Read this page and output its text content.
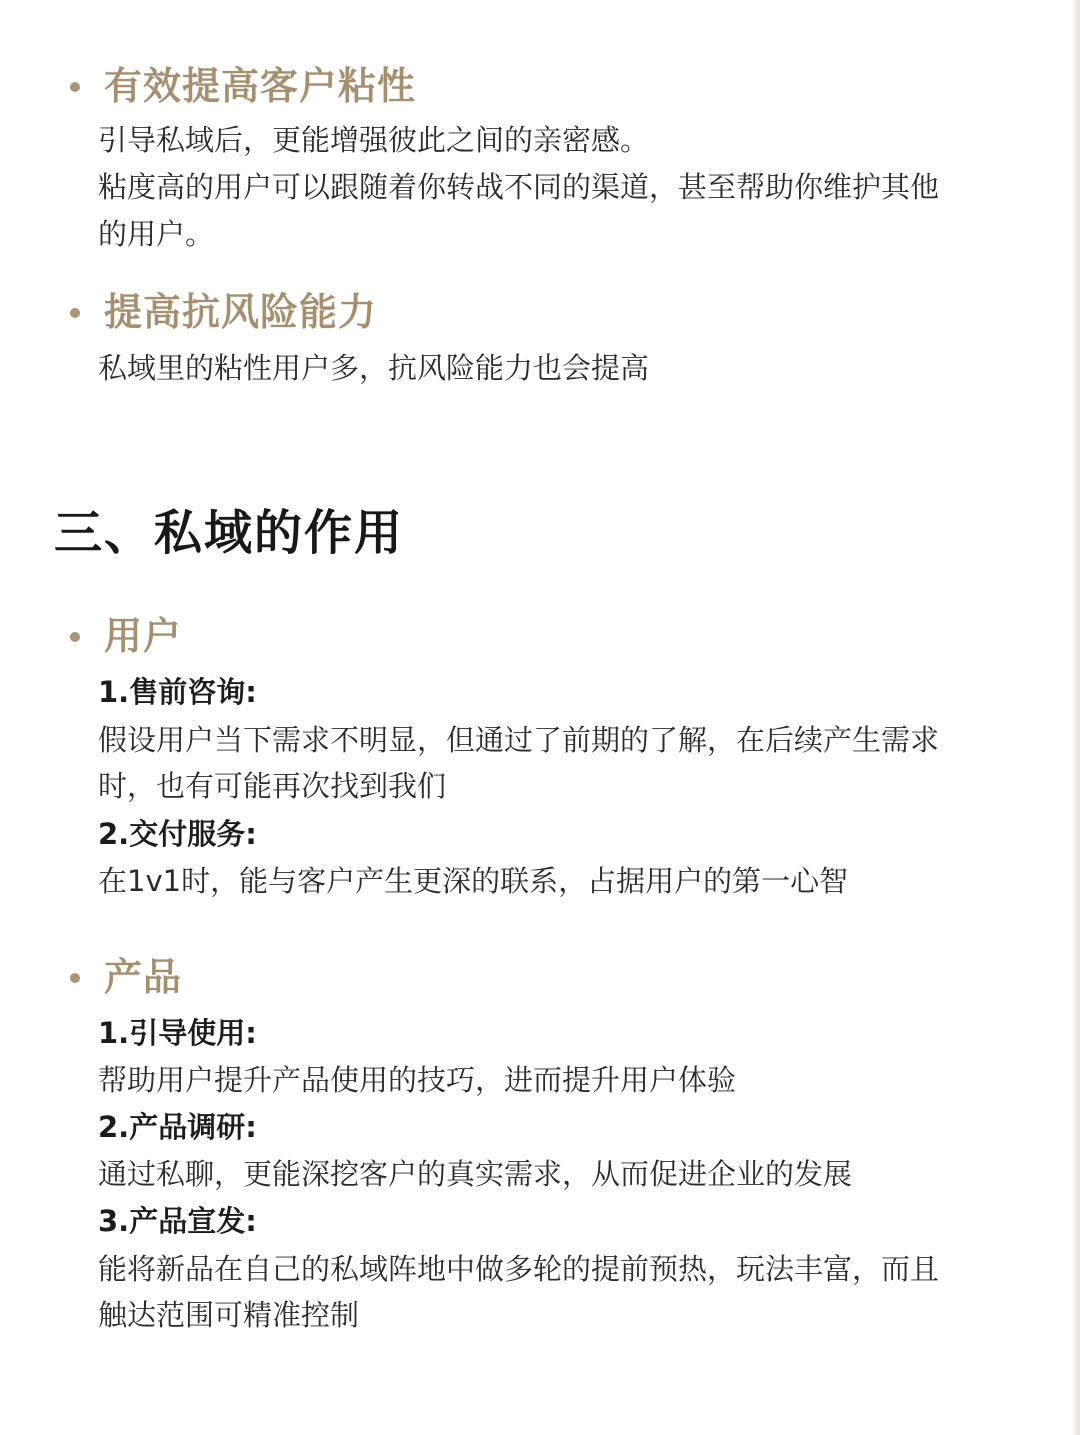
有效提高客户粘性
引导私域后，更能增强彼此之间的亲密感。
粘度高的用户可以跟随着你转战不同的渠道，甚至帮助你维护其他
的用户。
提高抗风险能力
私域里的粘性用户多，抗风险能力也会提高
三、私域的作用
用户
1.售前咨询:
假设用户当下需求不明显，但通过了前期的了解，在后续产生需求
时，也有可能再次找到我们
2.交付服务:
在1v1时，能与客户产生更深的联系，占据用户的第一心智
产品
1.引导使用:
帮助用户提升产品使用的技巧，进而提升用户体验
2.产品调研:
通过私聊，更能深挖客户的真实需求，从而促进企业的发展
3.产品宣发:
能将新品在自己的私域阵地中做多轮的提前预热，玩法丰富，而且
触达范围可精准控制
